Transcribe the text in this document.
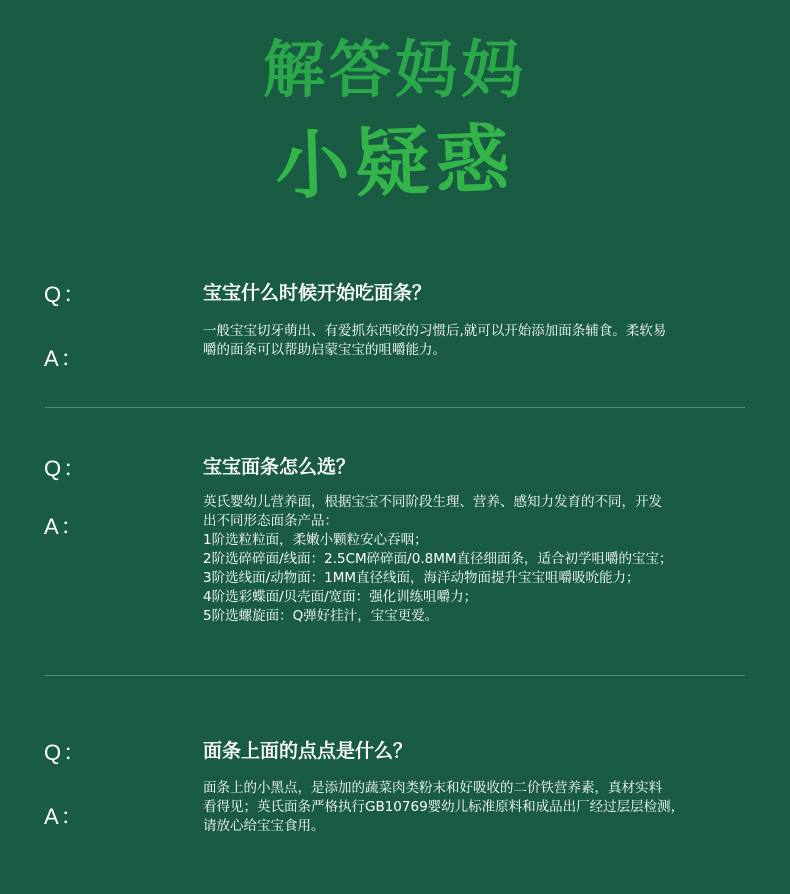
解答妈妈
小疑惑
Q：	宝宝什么时候开始吃面条？
A：
一般宝宝切牙萌出、有爱抓东西咬的习惯后,就可以开始添加面条辅食。柔软易
嚼的面条可以帮助启蒙宝宝的咀嚼能力。
Q：	宝宝面条怎么选？
A：
英氏婴幼儿营养面，根据宝宝不同阶段生理、营养、感知力发育的不同，开发
出不同形态面条产品：
1阶选粒粒面，柔嫩小颗粒安心吞咽；
2阶选碎碎面/线面：2.5CM碎碎面/0.8MM直径细面条，适合初学咀嚼的宝宝；
3阶选线面/动物面：1MM直径线面，海洋动物面提升宝宝咀嚼吸吮能力；
4阶选彩蝶面/贝壳面/宽面：强化训练咀嚼力；
5阶选螺旋面：Q弹好挂汁，宝宝更爱。
Q：	面条上面的点点是什么？
A：
面条上的小黑点，是添加的蔬菜肉类粉末和好吸收的二价铁营养素，真材实料
看得见；英氏面条严格执行GB10769婴幼儿标准原料和成品出厂经过层层检测，
请放心给宝宝食用。
